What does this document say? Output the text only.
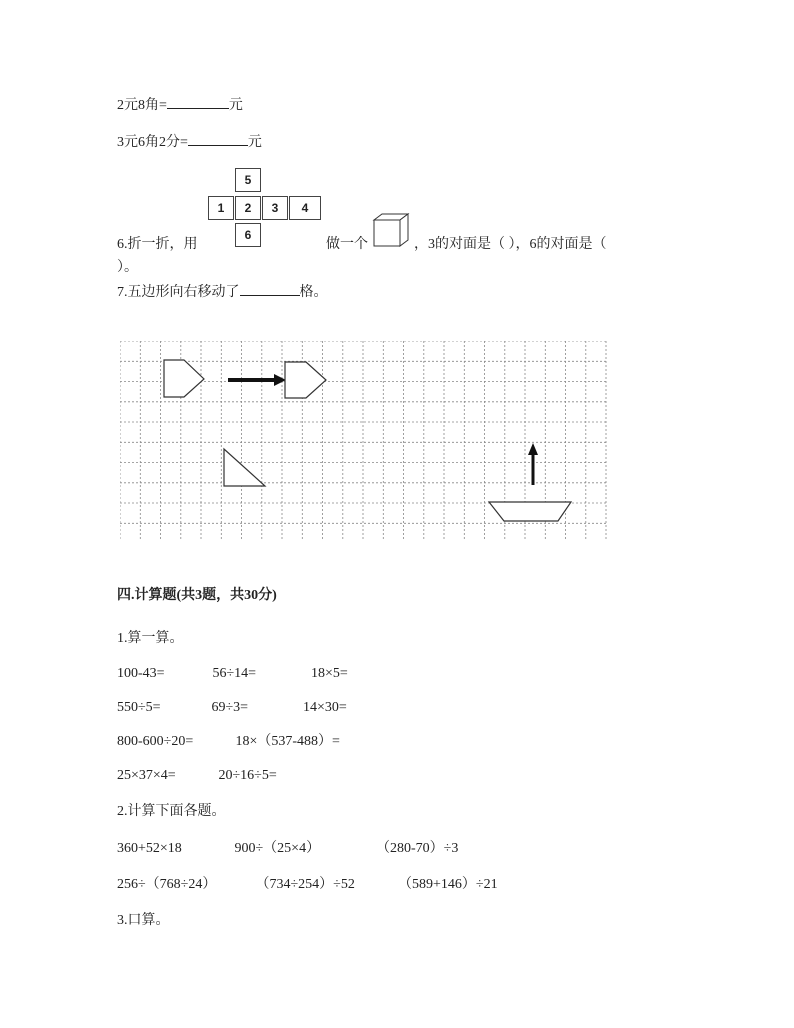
2元8角=	元
3元6角2分=	元
5
1	2	3	4
6
6.折一折，用	做一个	，3的对面是（ ），6的对面是（
）。
7.五边形向右移动了	格。
四.计算题(共3题，共30分)
1.算一算。
100-43=	56÷14=	18×5=
550÷5=	69÷3=	14×30=
800-600÷20=	18×（537-488）=
25×37×4=	20÷16÷5=
2.计算下面各题。
360+52×18	900÷（25×4）	（280-70）÷3
256÷（768÷24）	（734÷254）÷52	（589+146）÷21
3.口算。
